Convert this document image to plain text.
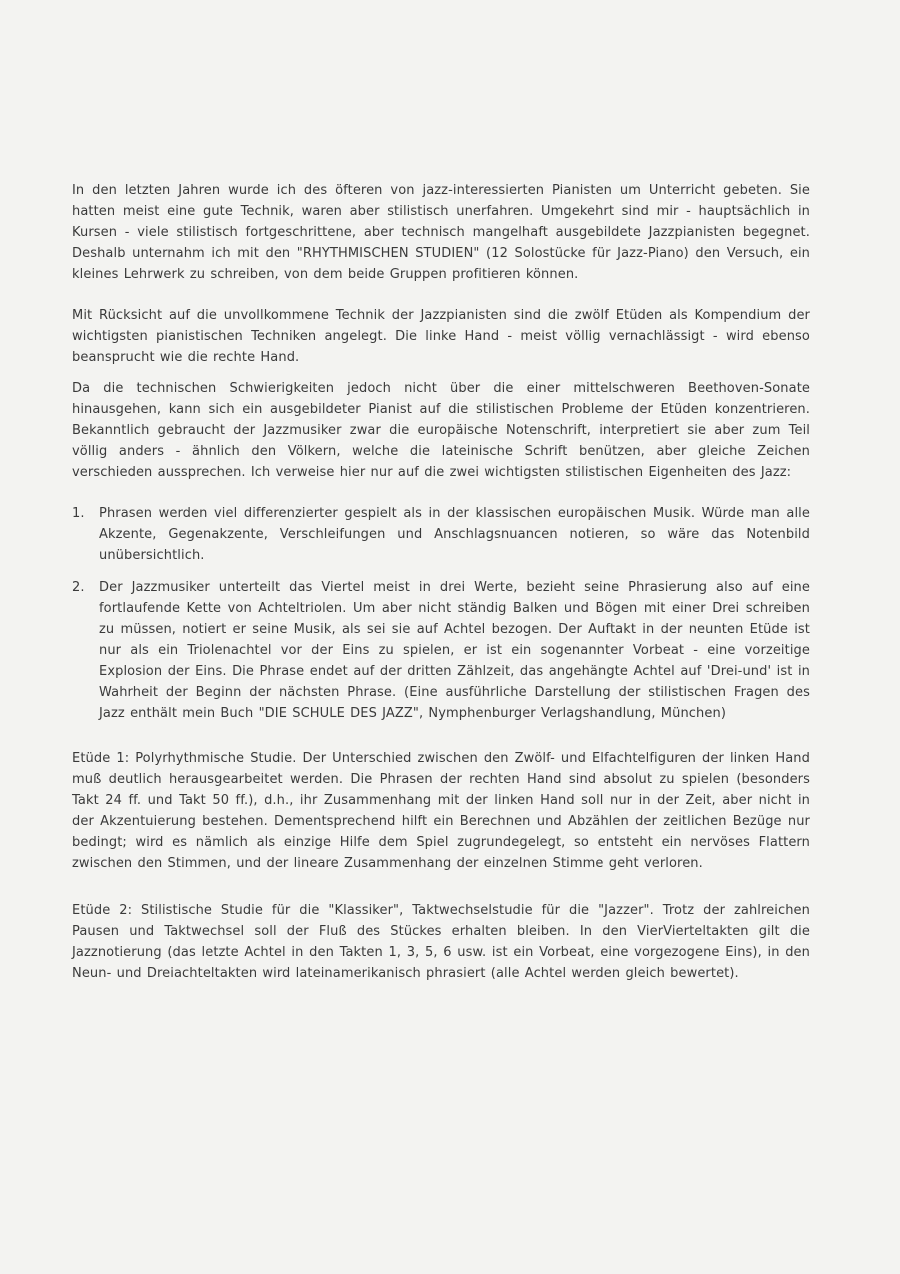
In den letzten Jahren wurde ich des öfteren von jazz-interessierten Pianisten um Unterricht gebeten. Sie hatten meist eine gute Technik, waren aber stilistisch unerfahren. Umgekehrt sind mir - hauptsächlich in Kursen - viele stilistisch fortgeschrittene, aber technisch mangelhaft ausgebildete Jazzpianisten begegnet. Deshalb unternahm ich mit den "RHYTHMISCHEN STUDIEN" (12 Solostücke für Jazz-Piano) den Versuch, ein kleines Lehrwerk zu schreiben, von dem beide Gruppen profitieren können.

Mit Rücksicht auf die unvollkommene Technik der Jazzpianisten sind die zwölf Etüden als Kompendium der wichtigsten pianistischen Techniken angelegt. Die linke Hand - meist völlig vernachlässigt - wird ebenso beansprucht wie die rechte Hand.

Da die technischen Schwierigkeiten jedoch nicht über die einer mittelschweren Beethoven-Sonate hinausgehen, kann sich ein ausgebildeter Pianist auf die stilistischen Probleme der Etüden konzentrieren. Bekanntlich gebraucht der Jazzmusiker zwar die europäische Notenschrift, interpretiert sie aber zum Teil völlig anders - ähnlich den Völkern, welche die lateinische Schrift benützen, aber gleiche Zeichen verschieden aussprechen. Ich verweise hier nur auf die zwei wichtigsten stilistischen Eigenheiten des Jazz:

1. Phrasen werden viel differenzierter gespielt als in der klassischen europäischen Musik. Würde man alle Akzente, Gegenakzente, Verschleifungen und Anschlagsnuancen notieren, so wäre das Notenbild unübersichtlich.
2. Der Jazzmusiker unterteilt das Viertel meist in drei Werte, bezieht seine Phrasierung also auf eine fortlaufende Kette von Achteltriolen. Um aber nicht ständig Balken und Bögen mit einer Drei schreiben zu müssen, notiert er seine Musik, als sei sie auf Achtel bezogen. Der Auftakt in der neunten Etüde ist nur als ein Triolenachtel vor der Eins zu spielen, er ist ein sogenannter Vorbeat - eine vorzeitige Explosion der Eins. Die Phrase endet auf der dritten Zählzeit, das angehängte Achtel auf 'Drei-und' ist in Wahrheit der Beginn der nächsten Phrase. (Eine ausführliche Darstellung der stilistischen Fragen des Jazz enthält mein Buch "DIE SCHULE DES JAZZ", Nymphenburger Verlagshandlung, München)

Etüde 1: Polyrhythmische Studie. Der Unterschied zwischen den Zwölf- und Elfachtelfiguren der linken Hand muß deutlich herausgearbeitet werden. Die Phrasen der rechten Hand sind absolut zu spielen (besonders Takt 24 ff. und Takt 50 ff.), d.h., ihr Zusammenhang mit der linken Hand soll nur in der Zeit, aber nicht in der Akzentuierung bestehen. Dementsprechend hilft ein Berechnen und Abzählen der zeitlichen Bezüge nur bedingt; wird es nämlich als einzige Hilfe dem Spiel zugrundegelegt, so entsteht ein nervöses Flattern zwischen den Stimmen, und der lineare Zusammenhang der einzelnen Stimme geht verloren.

Etüde 2: Stilistische Studie für die "Klassiker", Taktwechselstudie für die "Jazzer". Trotz der zahlreichen Pausen und Taktwechsel soll der Fluß des Stückes erhalten bleiben. In den VierVierteltakten gilt die Jazznotierung (das letzte Achtel in den Takten 1, 3, 5, 6 usw. ist ein Vorbeat, eine vorgezogene Eins), in den Neun- und Dreiachteltakten wird lateinamerikanisch phrasiert (alle Achtel werden gleich bewertet).
